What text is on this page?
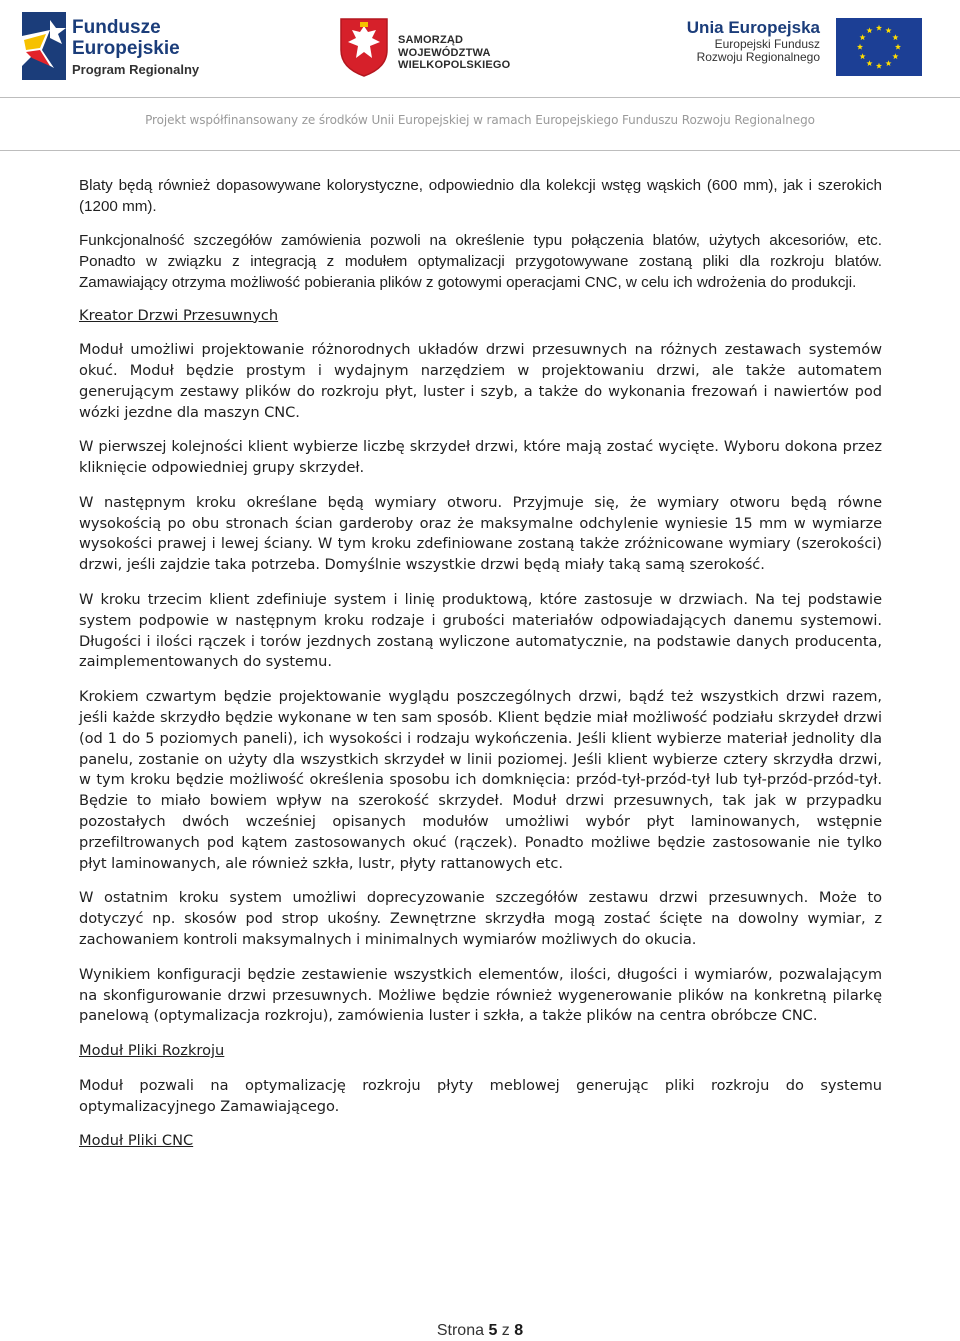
Fundusze
Europejskie
Program Regionalny
SAMORZĄD WOJEWÓDZTWA
WIELKOPOLSKIEGO
Unia Europejska
Europejski Fundusz
Rozwoju Regionalnego
Projekt współfinansowany ze środków Unii Europejskiej w ramach Europejskiego Funduszu Rozwoju Regionalnego

Blaty będą również dopasowywane kolorystyczne, odpowiednio dla kolekcji wstęg wąskich (600 mm), jak i szerokich (1200 mm).

Funkcjonalność szczegółów zamówienia pozwoli na określenie typu połączenia blatów, użytych akcesoriów, etc. Ponadto w związku z integracją z modułem optymalizacji przygotowywane zostaną pliki dla rozkroju blatów. Zamawiający otrzyma możliwość pobierania plików z gotowymi operacjami CNC, w celu ich wdrożenia do produkcji.

Kreator Drzwi Przesuwnych

Moduł umożliwi projektowanie różnorodnych układów drzwi przesuwnych na różnych zestawach systemów okuć. Moduł będzie prostym i wydajnym narzędziem w projektowaniu drzwi, ale także automatem generującym zestawy plików do rozkroju płyt, luster i szyb, a także do wykonania frezowań i nawiertów pod wózki jezdne dla maszyn CNC.

W pierwszej kolejności klient wybierze liczbę skrzydeł drzwi, które mają zostać wycięte. Wyboru dokona przez kliknięcie odpowiedniej grupy skrzydeł.

W następnym kroku określane będą wymiary otworu. Przyjmuje się, że wymiary otworu będą równe wysokością po obu stronach ścian garderoby oraz że maksymalne odchylenie wyniesie 15 mm w wymiarze wysokości prawej i lewej ściany. W tym kroku zdefiniowane zostaną także zróżnicowane wymiary (szerokości) drzwi, jeśli zajdzie taka potrzeba. Domyślnie wszystkie drzwi będą miały taką samą szerokość.

W kroku trzecim klient zdefiniuje system i linię produktową, które zastosuje w drzwiach. Na tej podstawie system podpowie w następnym kroku rodzaje i grubości materiałów odpowiadających danemu systemowi. Długości i ilości rączek i torów jezdnych zostaną wyliczone automatycznie, na podstawie danych producenta, zaimplementowanych do systemu.

Krokiem czwartym będzie projektowanie wyglądu poszczególnych drzwi, bądź też wszystkich drzwi razem, jeśli każde skrzydło będzie wykonane w ten sam sposób. Klient będzie miał możliwość podziału skrzydeł drzwi (od 1 do 5 poziomych paneli), ich wysokości i rodzaju wykończenia. Jeśli klient wybierze materiał jednolity dla panelu, zostanie on użyty dla wszystkich skrzydeł w linii poziomej. Jeśli klient wybierze cztery skrzydła drzwi, w tym kroku będzie możliwość określenia sposobu ich domknięcia: przód-tył-przód-tył lub tył-przód-przód-tył. Będzie to miało bowiem wpływ na szerokość skrzydeł. Moduł drzwi przesuwnych, tak jak w przypadku pozostałych dwóch wcześniej opisanych modułów umożliwi wybór płyt laminowanych, wstępnie przefiltrowanych pod kątem zastosowanych okuć (rączek). Ponadto możliwe będzie zastosowanie nie tylko płyt laminowanych, ale również szkła, lustr, płyty rattanowych etc.

W ostatnim kroku system umożliwi doprecyzowanie szczegółów zestawu drzwi przesuwnych. Może to dotyczyć np. skosów pod strop ukośny. Zewnętrzne skrzydła mogą zostać ścięte na dowolny wymiar, z zachowaniem kontroli maksymalnych i minimalnych wymiarów możliwych do okucia.

Wynikiem konfiguracji będzie zestawienie wszystkich elementów, ilości, długości i wymiarów, pozwalającym na skonfigurowanie drzwi przesuwnych. Możliwe będzie również wygenerowanie plików na konkretną pilarkę panelową (optymalizacja rozkroju), zamówienia luster i szkła, a także plików na centra obróbcze CNC.

Moduł Pliki Rozkroju

Moduł pozwali na optymalizację rozkroju płyty meblowej generując pliki rozkroju do systemu optymalizacyjnego Zamawiającego.

Moduł Pliki CNC

Strona 5 z 8
